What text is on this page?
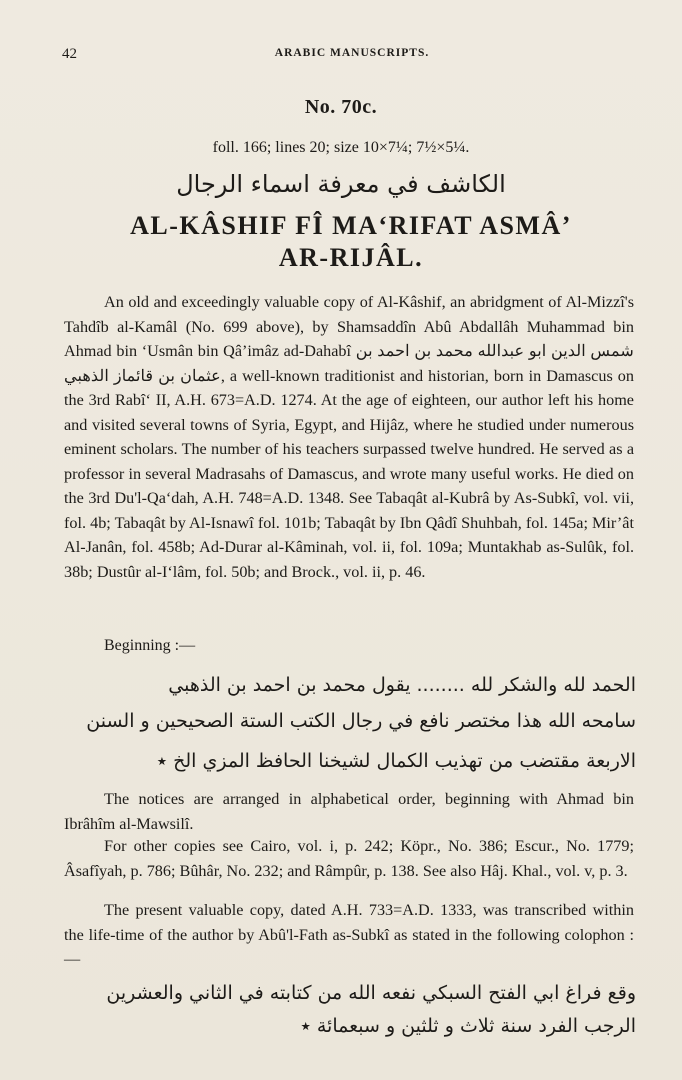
42	ARABIC MANUSCRIPTS.
No. 70c.
foll. 166; lines 20; size 10×7¼; 7½×5¼.
الكاشف في معرفة اسماء الرجال
AL-KÂSHIF FÎ MA‘RIFAT ASMÂ’
AR-RIJÂL.
An old and exceedingly valuable copy of Al-Kâshif, an abridgment of Al-Mizzî's Tahdîb al-Kamâl (No. 699 above), by Shamsaddîn Abû Abdallâh Muhammad bin Ahmad bin ‘Usmân bin Qâ’imâz ad-Dahabî شمس الدين ابو عبدالله محمد بن احمد بن عثمان بن قائماز الذهبي, a well-known traditionist and historian, born in Damascus on the 3rd Rabî‘ II, A.H. 673=A.D. 1274. At the age of eighteen, our author left his home and visited several towns of Syria, Egypt, and Hijâz, where he studied under numerous eminent scholars. The number of his teachers surpassed twelve hundred. He served as a professor in several Madrasahs of Damascus, and wrote many useful works. He died on the 3rd Du'l-Qa‘dah, A.H. 748=A.D. 1348. See Tabaqât al-Kubrâ by As-Subkî, vol. vii, fol. 4b; Tabaqât by Al-Isnawî fol. 101b; Tabaqât by Ibn Qâdî Shuhbah, fol. 145a; Mir’ât Al-Janân, fol. 458b; Ad-Durar al-Kâminah, vol. ii, fol. 109a; Muntakhab as-Sulûk, fol. 38b; Dustûr al-I‘lâm, fol. 50b; and Brock., vol. ii, p. 46.
Beginning :—
الحمد لله والشكر لله ........ يقول محمد بن احمد بن الذهبي
سامحه الله هذا مختصر نافع في رجال الكتب الستة الصحيحين و السنن
الاربعة مقتضب من تهذيب الكمال لشيخنا الحافظ المزي الخ ٭
The notices are arranged in alphabetical order, beginning with Ahmad bin Ibrâhîm al-Mawsilî.
For other copies see Cairo, vol. i, p. 242; Köpr., No. 386; Escur., No. 1779; Âsafîyah, p. 786; Bûhâr, No. 232; and Râmpûr, p. 138. See also Hâj. Khal., vol. v, p. 3.
The present valuable copy, dated A.H. 733=A.D. 1333, was transcribed within the life-time of the author by Abû'l-Fath as-Subkî as stated in the following colophon :—
وقع فراغ ابي الفتح السبكي نفعه الله من كتابته في الثاني والعشرين
الرجب الفرد سنة ثلاث و ثلثين و سبعمائة ٭
